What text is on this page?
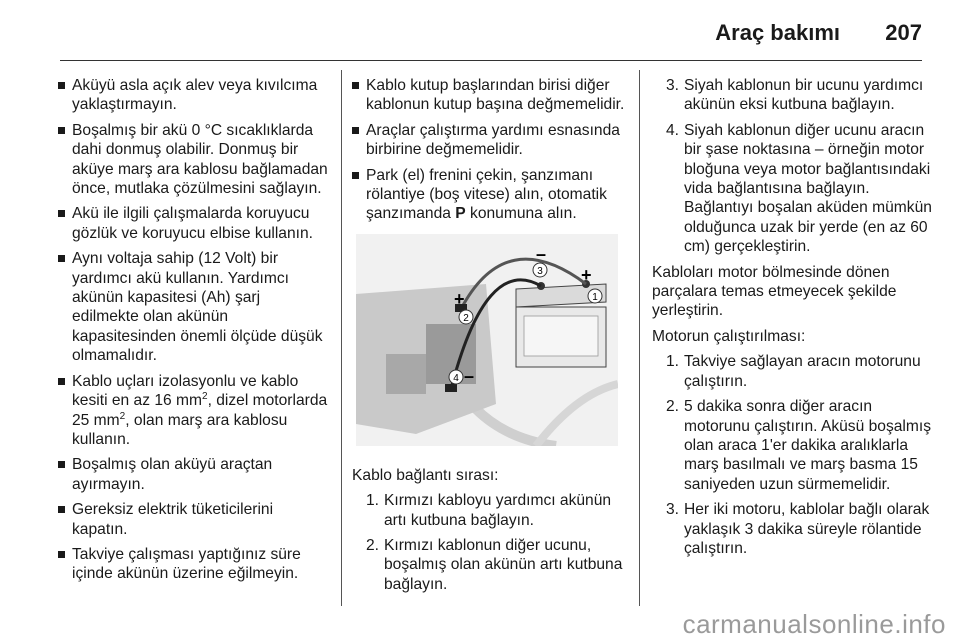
Araç bakımı 207
Aküyü asla açık alev veya kıvılcıma yaklaştırmayın.
Boşalmış bir akü 0 °C sıcaklıklarda dahi donmuş olabilir. Donmuş bir aküye marş ara kablosu bağlamadan önce, mutlaka çözülmesini sağlayın.
Akü ile ilgili çalışmalarda koruyucu gözlük ve koruyucu elbise kullanın.
Aynı voltaja sahip (12 Volt) bir yardımcı akü kullanın. Yardımcı akünün kapasitesi (Ah) şarj edilmekte olan akünün kapasitesinden önemli ölçüde düşük olmamalıdır.
Kablo uçları izolasyonlu ve kablo kesiti en az 16 $mm^2$, dizel motorlarda 25 $mm^2$, olan marş ara kablosu kullanın.
Boşalmış olan aküyü araçtan ayırmayın.
Gereksiz elektrik tüketicilerini kapatın.
Takviye çalışması yaptığınız süre içinde akünün üzerine eğilmeyin.
Kablo kutup başlarından birisi diğer kablonun kutup başına değmemelidir.
Araçlar çalıştırma yardımı esnasında birbirine değmemelidir.
Park (el) frenini çekin, şanzımanı rölantiye (boş vitese) alın, otomatik şanzımanda P konumuna alın.
1
2
3
4
+
+
–
–

Kablo bağlantı sırası:

1. Kırmızı kabloyu yardımcı akünün artı kutbuna bağlayın.
2. Kırmızı kablonun diğer ucunu, boşalmış olan akünün artı kutbuna bağlayın.
3. Siyah kablonun bir ucunu yardımcı akünün eksi kutbuna bağlayın.
4. Siyah kablonun diğer ucunu aracın bir şase noktasına – örneğin motor bloğuna veya motor bağlantısındaki vida bağlantısına bağlayın. Bağlantıyı boşalan aküden mümkün olduğunca uzak bir yerde (en az 60 cm) gerçekleştirin.

Kabloları motor bölmesinde dönen parçalara temas etmeyecek şekilde yerleştirin.

Motorun çalıştırılması:

1. Takviye sağlayan aracın motorunu çalıştırın.
2. 5 dakika sonra diğer aracın motorunu çalıştırın. Aküsü boşalmış olan araca 1'er dakika aralıklarla marş basılmalı ve marş basma 15 saniyeden uzun sürmemelidir.
3. Her iki motoru, kablolar bağlı olarak yaklaşık 3 dakika süreyle rölantide çalıştırın.
carmanualsonline.info
